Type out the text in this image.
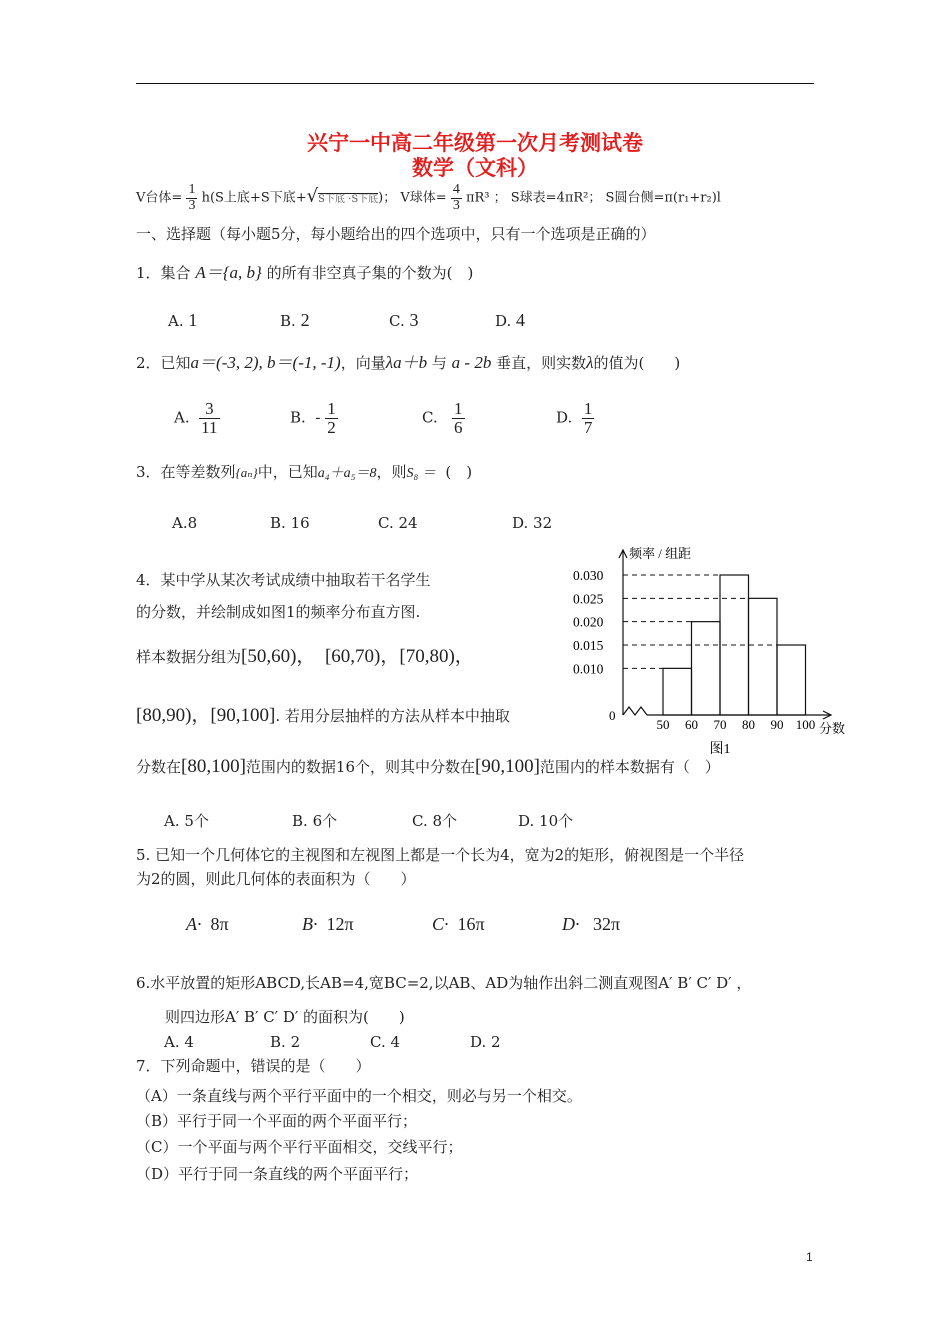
兴宁一中高二年级第一次月考测试卷
数学（文科）
V台体= $\frac{1}{3} h(S$上底+S下底+√S下底 ·S下底)； V球体= $\frac{4}{3} \pi R^3$ ； S球表=4πR²； S圆台侧=π(r₁+r₂)l
一、选择题（每小题5分，每小题给出的四个选项中，只有一个选项是正确的）
1．集合 A＝{a, b} 的所有非空真子集的个数为(　)
A. 1	B. 2	C. 3	D. 4
2．已知a＝(-3, 2), b＝(-1, -1)，向量λa＋b 与 a - 2b 垂直，则实数λ的值为(　　)
A. $\frac{3}{11}$	B. - $\frac{1}{2}$	C. $\frac{1}{6}$	D. $\frac{1}{7}$
3．在等差数列{aₙ}中，已知a₄＋a₅＝8，则S₈ ＝ (　)
A.8	B. 16	C. 24	D. 32
4．某中学从某次考试成绩中抽取若干名学生
的分数，并绘制成如图1的频率分布直方图.
样本数据分组为[50,60)， [60,70)，[70,80)，
[80,90)，[90,100]. 若用分层抽样的方法从样本中抽取
分数在[80,100]范围内的数据16个，则其中分数在[90,100]范围内的样本数据有（　）
A. 5个	B. 6个	C. 8个	D. 10个
频率 / 组距
0
0.030
0.025
0.020
0.015
0.010
50 60 70 80 90 100 分数
图1
5. 已知一个几何体它的主视图和左视图上都是一个长为4，宽为2的矩形，俯视图是一个半径
为2的圆，则此几何体的表面积为（　　）
A· 8π	B· 12π	C· 16π	D· 32π
6.水平放置的矩形ABCD,长AB=4,宽BC=2,以AB、AD为轴作出斜二测直观图A′ B′ C′ D′ ，
则四边形A′ B′ C′ D′ 的面积为(　　)
A. 4	B. 2	C. 4	D. 2
7．下列命题中，错误的是（　　）
（A）一条直线与两个平行平面中的一个相交，则必与另一个相交。
（B）平行于同一个平面的两个平面平行；
（C）一个平面与两个平行平面相交，交线平行；
（D）平行于同一条直线的两个平面平行；
1
